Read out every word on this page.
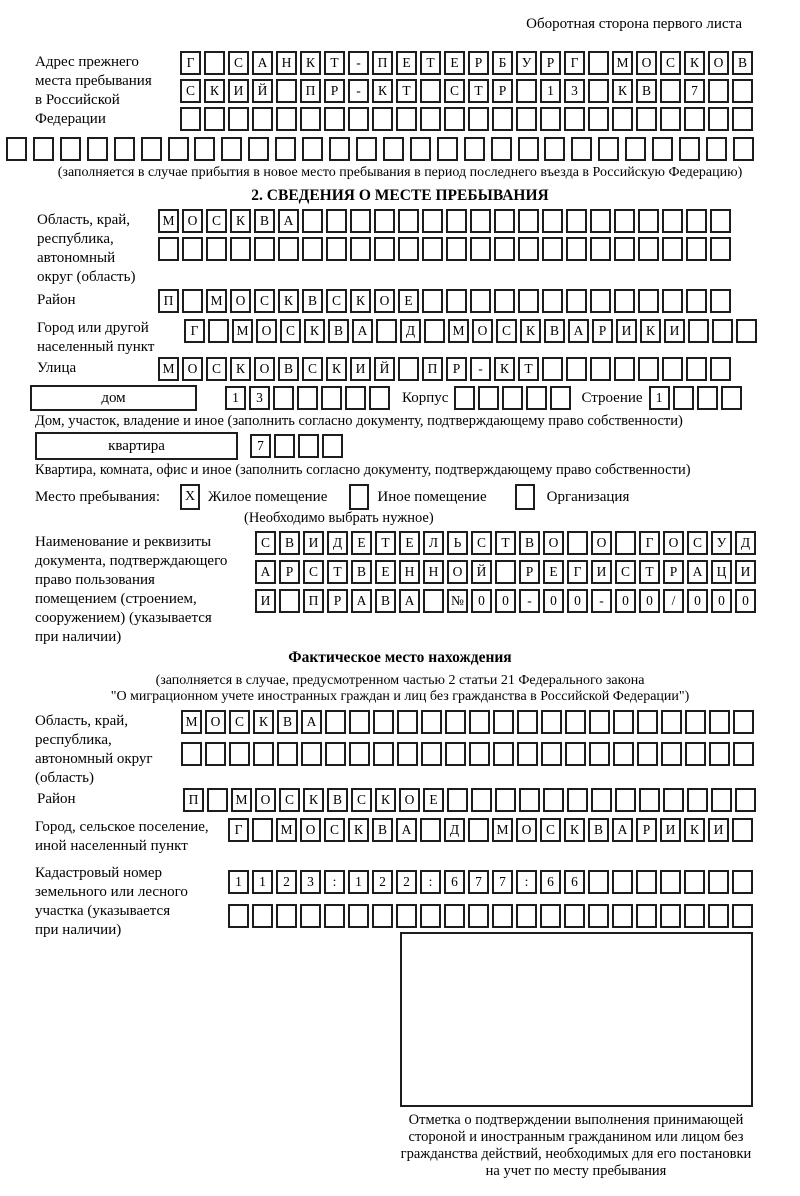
Оборотная сторона первого листа
Адрес прежнего
места пребывания
в Российской
Федерации
Г	С	А	Н	К	Т	-	П	Е	Т	Е	Р	Б	У	Р	Г	М О	С	К	О	В
С	К	И	Й	П	Р	-	К	Т	С	Т	Р	1	3	К	В	7
(заполняется в случае прибытия в новое место пребывания в период последнего въезда в Российскую Федерацию)
2. СВЕДЕНИЯ О МЕСТЕ ПРЕБЫВАНИЯ
Область, край,
республика,
автономный
округ (область)
М О	С	К	В	А
Район	П	М О	С	К	В	С	К	О	Е
Город или другой
населенный пункт
Г	М О	С	К	В	А	Д	М О	С	К	В	А	Р	И	К	И
Улица	М О	С	К	О	В	С	К	И	Й	П	Р	-	К	Т
дом	1	3	Корпус	Строение 1
Дом, участок, владение и иное (заполнить согласно документу, подтверждающему право собственности)
квартира	7
Квартира, комната, офис и иное (заполнить согласно документу, подтверждающему право собственности)
Место пребывания:	X Жилое помещение	Иное помещение	Организация
(Необходимо выбрать нужное)
Наименование и реквизиты
документа, подтверждающего
право пользования
помещением (строением,
сооружением) (указывается
при наличии)
С	В	И	Д	Е	Т	Е	Л	Ь	С	Т	В	О	О	Г	О	С	У	Д
А	Р	С	Т	В	Е	Н	Н	О	Й	Р	Е	Г	И	С	Т	Р	А	Ц	И
И	П	Р	А	В	А	№	0	0	-	0	0	-	0	0	/	0	0	0
Фактическое место нахождения
(заполняется в случае, предусмотренном частью 2 статьи 21 Федерального закона
"О миграционном учете иностранных граждан и лиц без гражданства в Российской Федерации")
Область, край,
республика,
автономный округ
(область)
М О	С	К	В	А
Район	П	М О	С	К	В	С	К	О	Е
Город, сельское поселение,
иной населенный пункт
Г	М О	С	К	В	А	Д	М О	С	К	В	А	Р	И	К	И
Кадастровый номер
земельного или лесного
участка (указывается
при наличии)
1	1	2	3	:	1	2	2	:	6	7	7	:	6	6
Отметка о подтверждении выполнения принимающей
стороной и иностранным гражданином или лицом без
гражданства действий, необходимых для его постановки
на учет по месту пребывания
